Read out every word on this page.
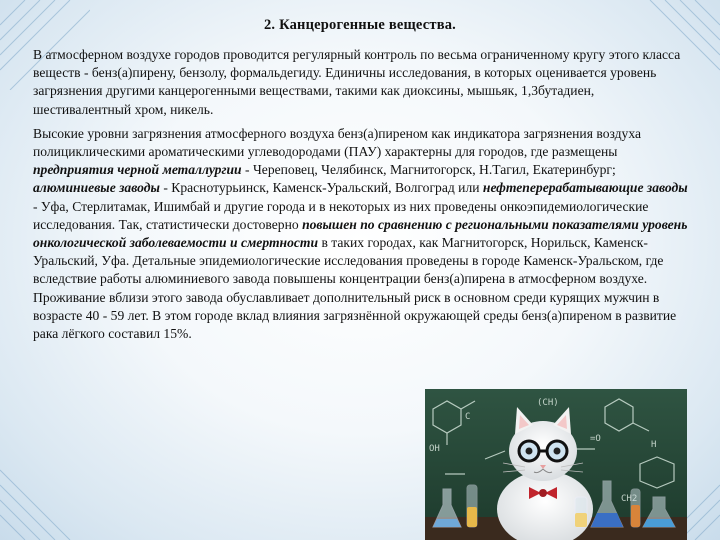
2. Канцерогенные вещества.

В атмосферном воздухе городов проводится регулярный контроль по весьма ограниченному кругу этого класса веществ - бенз(а)пирену, бензолу, формальдегиду. Единичны исследования, в которых оценивается уровень загрязнения другими канцерогенными веществами, такими как диоксины, мышьяк, 1,3бутадиен, шестивалентный хром, никель.

Высокие уровни загрязнения атмосферного воздуха бенз(а)пиреном как индикатора загрязнения воздуха полициклическими ароматическими углеводородами (ПАУ) характерны для городов, где размещены предприятия черной металлургии - Череповец, Челябинск, Магнитогорск, Н.Тагил, Екатеринбург; алюминиевые заводы - Краснотурьинск, Каменск-Уральский, Волгоград или нефтеперерабатывающие заводы - Уфа, Стерлитамак, Ишимбай и другие города и в некоторых из них проведены онкоэпидемиологические исследования. Так, статистически достоверно повышен по сравнению с региональными показателями уровень онкологической заболеваемости и смертности в таких городах, как Магнитогорск, Норильск, Каменск-Уральский, Уфа. Детальные эпидемиологические исследования проведены в городе Каменск-Уральском, где вследствие работы алюминиевого завода повышены концентрации бенз(а)пирена в атмосферном воздухе. Проживание вблизи этого завода обуславливает дополнительный риск в основном среди курящих мужчин в возрасте 40 - 59 лет. В этом городе вклад влияния загрязнённой окружающей среды бенз(а)пиреном в развитие рака лёгкого составил 15%.

(CH)
OH	H
C
=O
CH2
